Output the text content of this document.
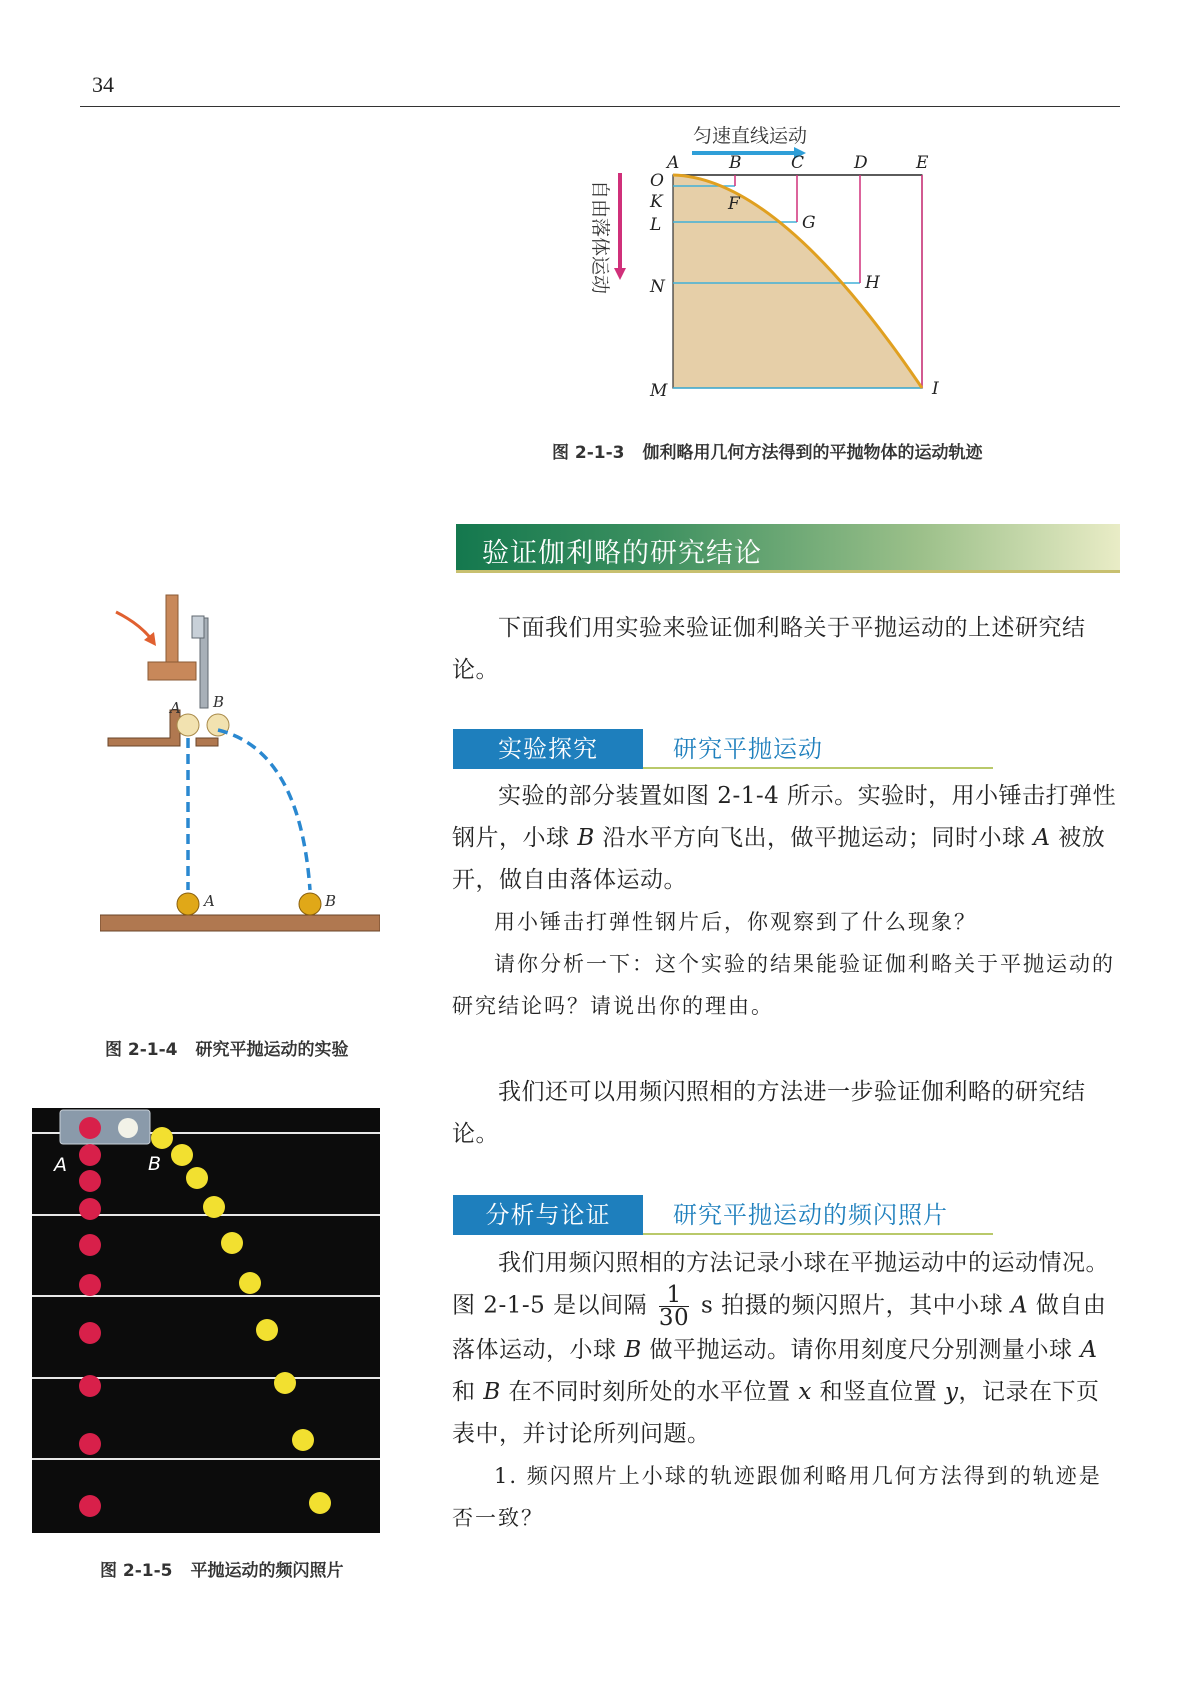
34
匀速直线运动
自由落体运动
A	B	C	D	E
O
K
L
N
M
F
G
H
I
图 2-1-3 伽利略用几何方法得到的平抛物体的运动轨迹
验证伽利略的研究结论

下面我们用实验来验证伽利略关于平抛运动的上述研究结论。

实验探究	研究平抛运动

实验的部分装置如图 2-1-4 所示。实验时，用小锤击打弹性钢片，小球 B 沿水平方向飞出，做平抛运动；同时小球 A 被放开，做自由落体运动。

用小锤击打弹性钢片后，你观察到了什么现象？

请你分析一下：这个实验的结果能验证伽利略关于平抛运动的研究结论吗？请说出你的理由。

我们还可以用频闪照相的方法进一步验证伽利略的研究结论。

分析与论证	研究平抛运动的频闪照片

我们用频闪照相的方法记录小球在平抛运动中的运动情况。图 2-1-5 是以间隔 $\frac{1}{30}$ s 拍摄的频闪照片，其中小球 A 做自由落体运动，小球 B 做平抛运动。请你用刻度尺分别测量小球 A 和 B 在不同时刻所处的水平位置 x 和竖直位置 y，记录在下页表中，并讨论所列问题。

1. 频闪照片上小球的轨迹跟伽利略用几何方法得到的轨迹是否一致？

A B
A	B
图 2-1-4 研究平抛运动的实验
A	B
图 2-1-5 平抛运动的频闪照片
